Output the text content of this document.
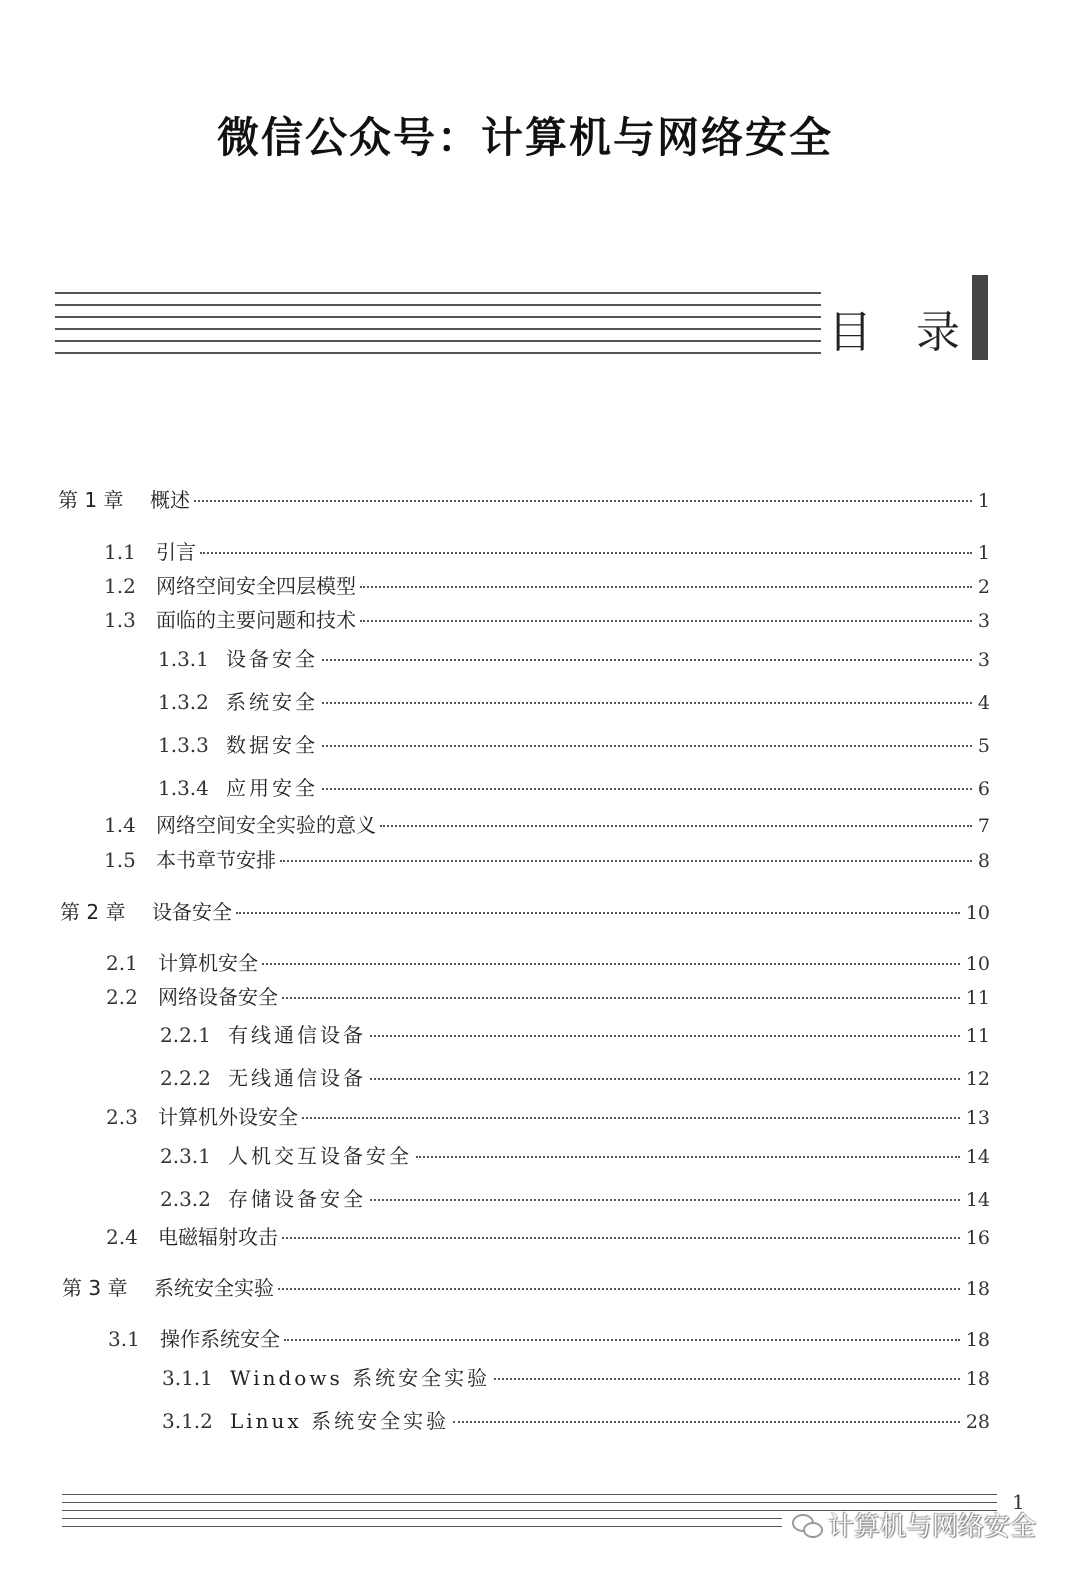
微信公众号：计算机与网络安全
目 录
第 1 章	概述	1
1.1	引言	1
1.2	网络空间安全四层模型	2
1.3	面临的主要问题和技术	3
1.3.1 设备安全	3
1.3.2 系统安全	4
1.3.3 数据安全	5
1.3.4 应用安全	6
1.4	网络空间安全实验的意义	7
1.5	本书章节安排	8
第 2 章	设备安全	10
2.1	计算机安全	10
2.2	网络设备安全	11
2.2.1 有线通信设备	11
2.2.2 无线通信设备	12
2.3	计算机外设安全	13
2.3.1 人机交互设备安全	14
2.3.2 存储设备安全	14
2.4	电磁辐射攻击	16
第 3 章	系统安全实验	18
3.1	操作系统安全	18
3.1.1 Windows 系统安全实验	18
3.1.2 Linux 系统安全实验	28
1
计算机与网络安全
